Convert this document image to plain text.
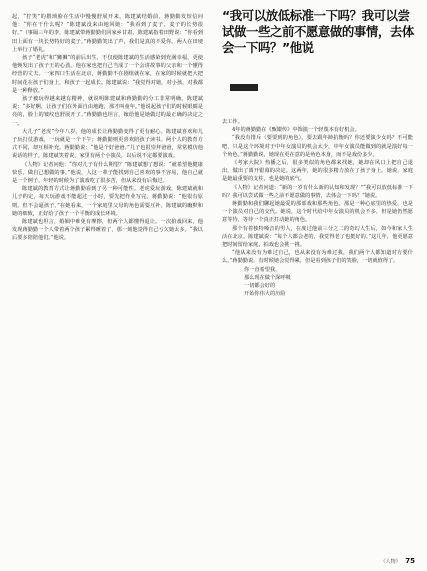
起，“狞笑”的猥琐脸在生活中慢慢舒展开来。陈建斌结婚前，蒋勤勤发短信问他：“你在干什么呢？”陈建斌没来由地回她：“我看到了麦子，麦子的长势很好。”（事隔三年的李，陈建斌带蒋勤勤们回家乡甘肃。陈建斌指着田野说：“你看到田上面有一块长势特好的麦子。”蒋勤勤笑出了声，我们是真的不爱你。两人在田埂上举行了婚礼。

孩子“老虎”和“狮狮”的前后出生，不仅使陈建斌的生活感染到充满幸福，更使他焕发出了孩子王的心劲。他在家也把自己当成了一个会讲故事的父亲和一个懂得经营的丈夫。一家四口生活在北京，蒋勤勤不在剧组就在家，在家的时候就把大把时间花在孩子们身上，和孩子一起成长。陈建斌说：“我觉得对她，对小孩，对我都是一种释放。”

孩子被玩得越来越有精神，就说明陈建斌和蒋勤勤的分工非常明确。陈建斌说：“多好啊，让孩子们在外面自由地跑，那才叫童年。”他说起孩子们的时候眼睛是亮的，脸上的皱纹也舒展开了。”蒋勤勤也坦言，嫁给他是她做过的最正确的决定之一。

大儿子“老虎”今年八岁，他的成长让蒋勤勤变得了更有耐心。陈建斌喜欢和儿子玩打仗游戏，一玩就是一个下午；蒋勤勤则更喜欢陪孩子读书。两个人的教育方式不同，却互相补充。蒋勤勤说：“他是个好爸爸。”儿子也很崇拜爸爸，常常模仿他说话的样子。陈建斌笑着说，家里有两个小演员，以后说不定都要演戏。

《人物》记者问他：“你对儿子有什么期望？”陈建斌想了想说：“就希望他健康快乐，做自己想做的事。”他说，人这一辈子能找到自己喜欢的事不容易，他自己就是一个例子。年轻的时候为了演戏吃了很多苦，但从来没有后悔过。

陈建斌的教育方式让蒋勤勤看到了另一种可能性。老虎爱玩游戏，陈建斌就和儿子约定，每天玩游戏不能超过一小时，要先把作业写完。蒋勤勤说：“他很有原则，但不会逼孩子。”在她看来，一个家庭里父母的角色需要互补，陈建斌的幽默和她的细致，正好给了孩子一个平衡的成长环境。

陈建斌也坦言，婚姻中难免有摩擦，但两个人都懂得退让。一次拍戏回来，他发现蒋勤勤一个人带着两个孩子累得睡着了，那一刻他觉得自己亏欠她太多。“我以后要多陪陪他们。”他说。

“我可以放低标准一下吗？我可以尝试做一些之前不愿意做的事情，去体会一下吗？”他说

去工作。

4年的蒋勤勤在《甄嬛传》中饰演一个轻蔑本有好机会。

“我没有排斥（要要到的角色），要去跟年龄抗衡吗？你还要演少女吗？不可能吧，只是这个环境对于中年女演员的机会太少，中年女演员能做到的就是演好每一个角色。”蒋勤勤说，她现在更在意的是角色本身，而不是戏份多少。

《考家大院》热播之后，很多类似的角色都来找她，她却在风口上把自己退出，做出了离开银幕的决定。这两年，她的很多精力放在了孩子身上。她说，家庭是她最重要的支柱，也是她的底气。

《人物》记者问道：“新的一岁有什么新的认知和发现？”“我可以放低标准一下吗？我可以尝试做一些之前不愿意做的事情，去体会一下吗？”她说。

蒋勤勤和我们聊起她最爱的那部戏和那些角色。那是一种心底里的热爱，也是一个演员对自己的交代。她说，这个时代给中年女演员的机会不多，但是她仍然愿意等待，等待一个真正打动她的角色。

那个有着独特嗓音的男人，在度过他前三分之二的奇幻人生后，如今和家人生活在北京。陈建斌说：“每个人都会老的，我觉得老了也挺好的。”这几年，他更愿意把时间留给家庭，拍戏也会挑一挑。

“他从来没有为难过自己，也从来没有为难过我，我们两个人都知道对方要什么。”蒋勤勤说，有时候她会觉得累，但是看到孩子们的笑脸，一切就值得了。

你一直希望我，

那么现在做个深呼吸

一切都会好的

开始你伟大的历险

《人物》 75
